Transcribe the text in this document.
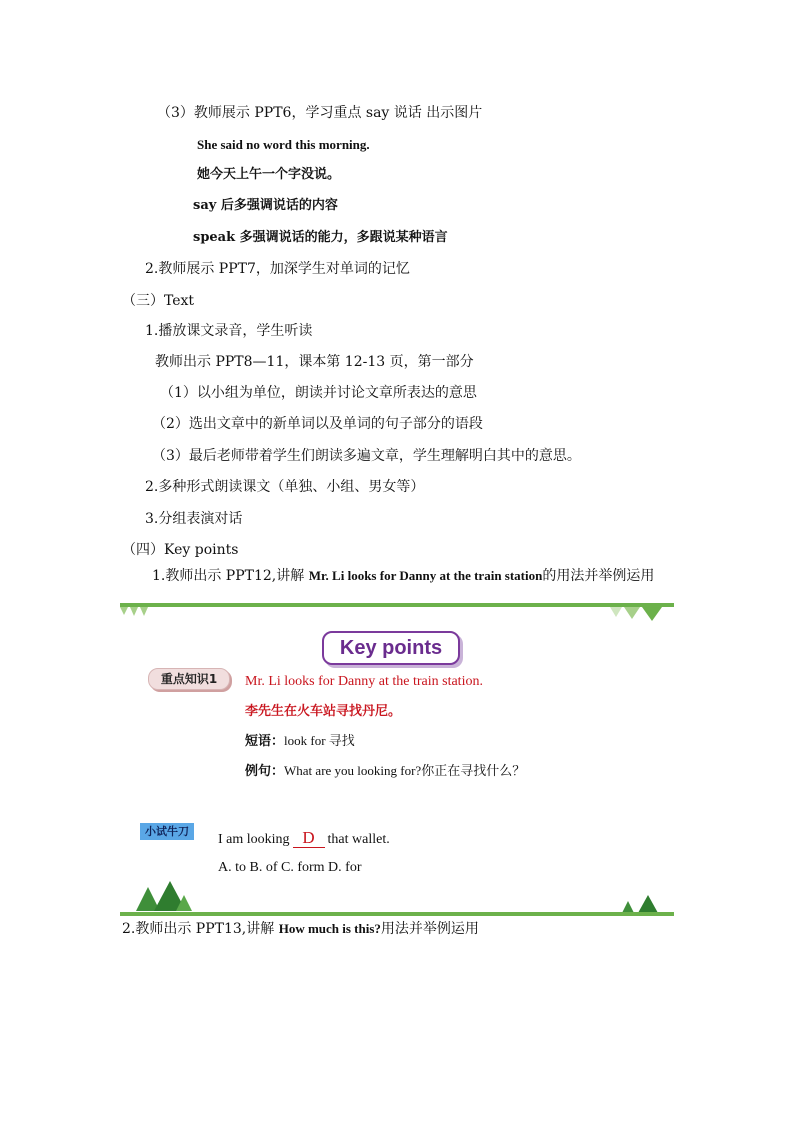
（3）教师展示 PPT6，学习重点 say 说话 出示图片
She said no word this morning.
她今天上午一个字没说。
say 后多强调说话的内容
speak 多强调说话的能力，多跟说某种语言
2.教师展示 PPT7，加深学生对单词的记忆
（三）Text
1.播放课文录音，学生听读
教师出示 PPT8—11，课本第 12-13 页，第一部分
（1）以小组为单位，朗读并讨论文章所表达的意思
（2）选出文章中的新单词以及单词的句子部分的语段
（3）最后老师带着学生们朗读多遍文章，学生理解明白其中的意思。
2.多种形式朗读课文（单独、小组、男女等）
3.分组表演对话
（四）Key points
1.教师出示 PPT12,讲解 Mr. Li looks for Danny at the train station的用法并举例运用
Key points
重点知识1	Mr. Li looks for Danny at the train station.
李先生在火车站寻找丹尼。
短语：look for 寻找
例句：What are you looking for?你正在寻找什么？
小试牛刀
I am looking D that wallet.
A. to B. of C. form D. for
2.教师出示 PPT13,讲解 How much is this?用法并举例运用
